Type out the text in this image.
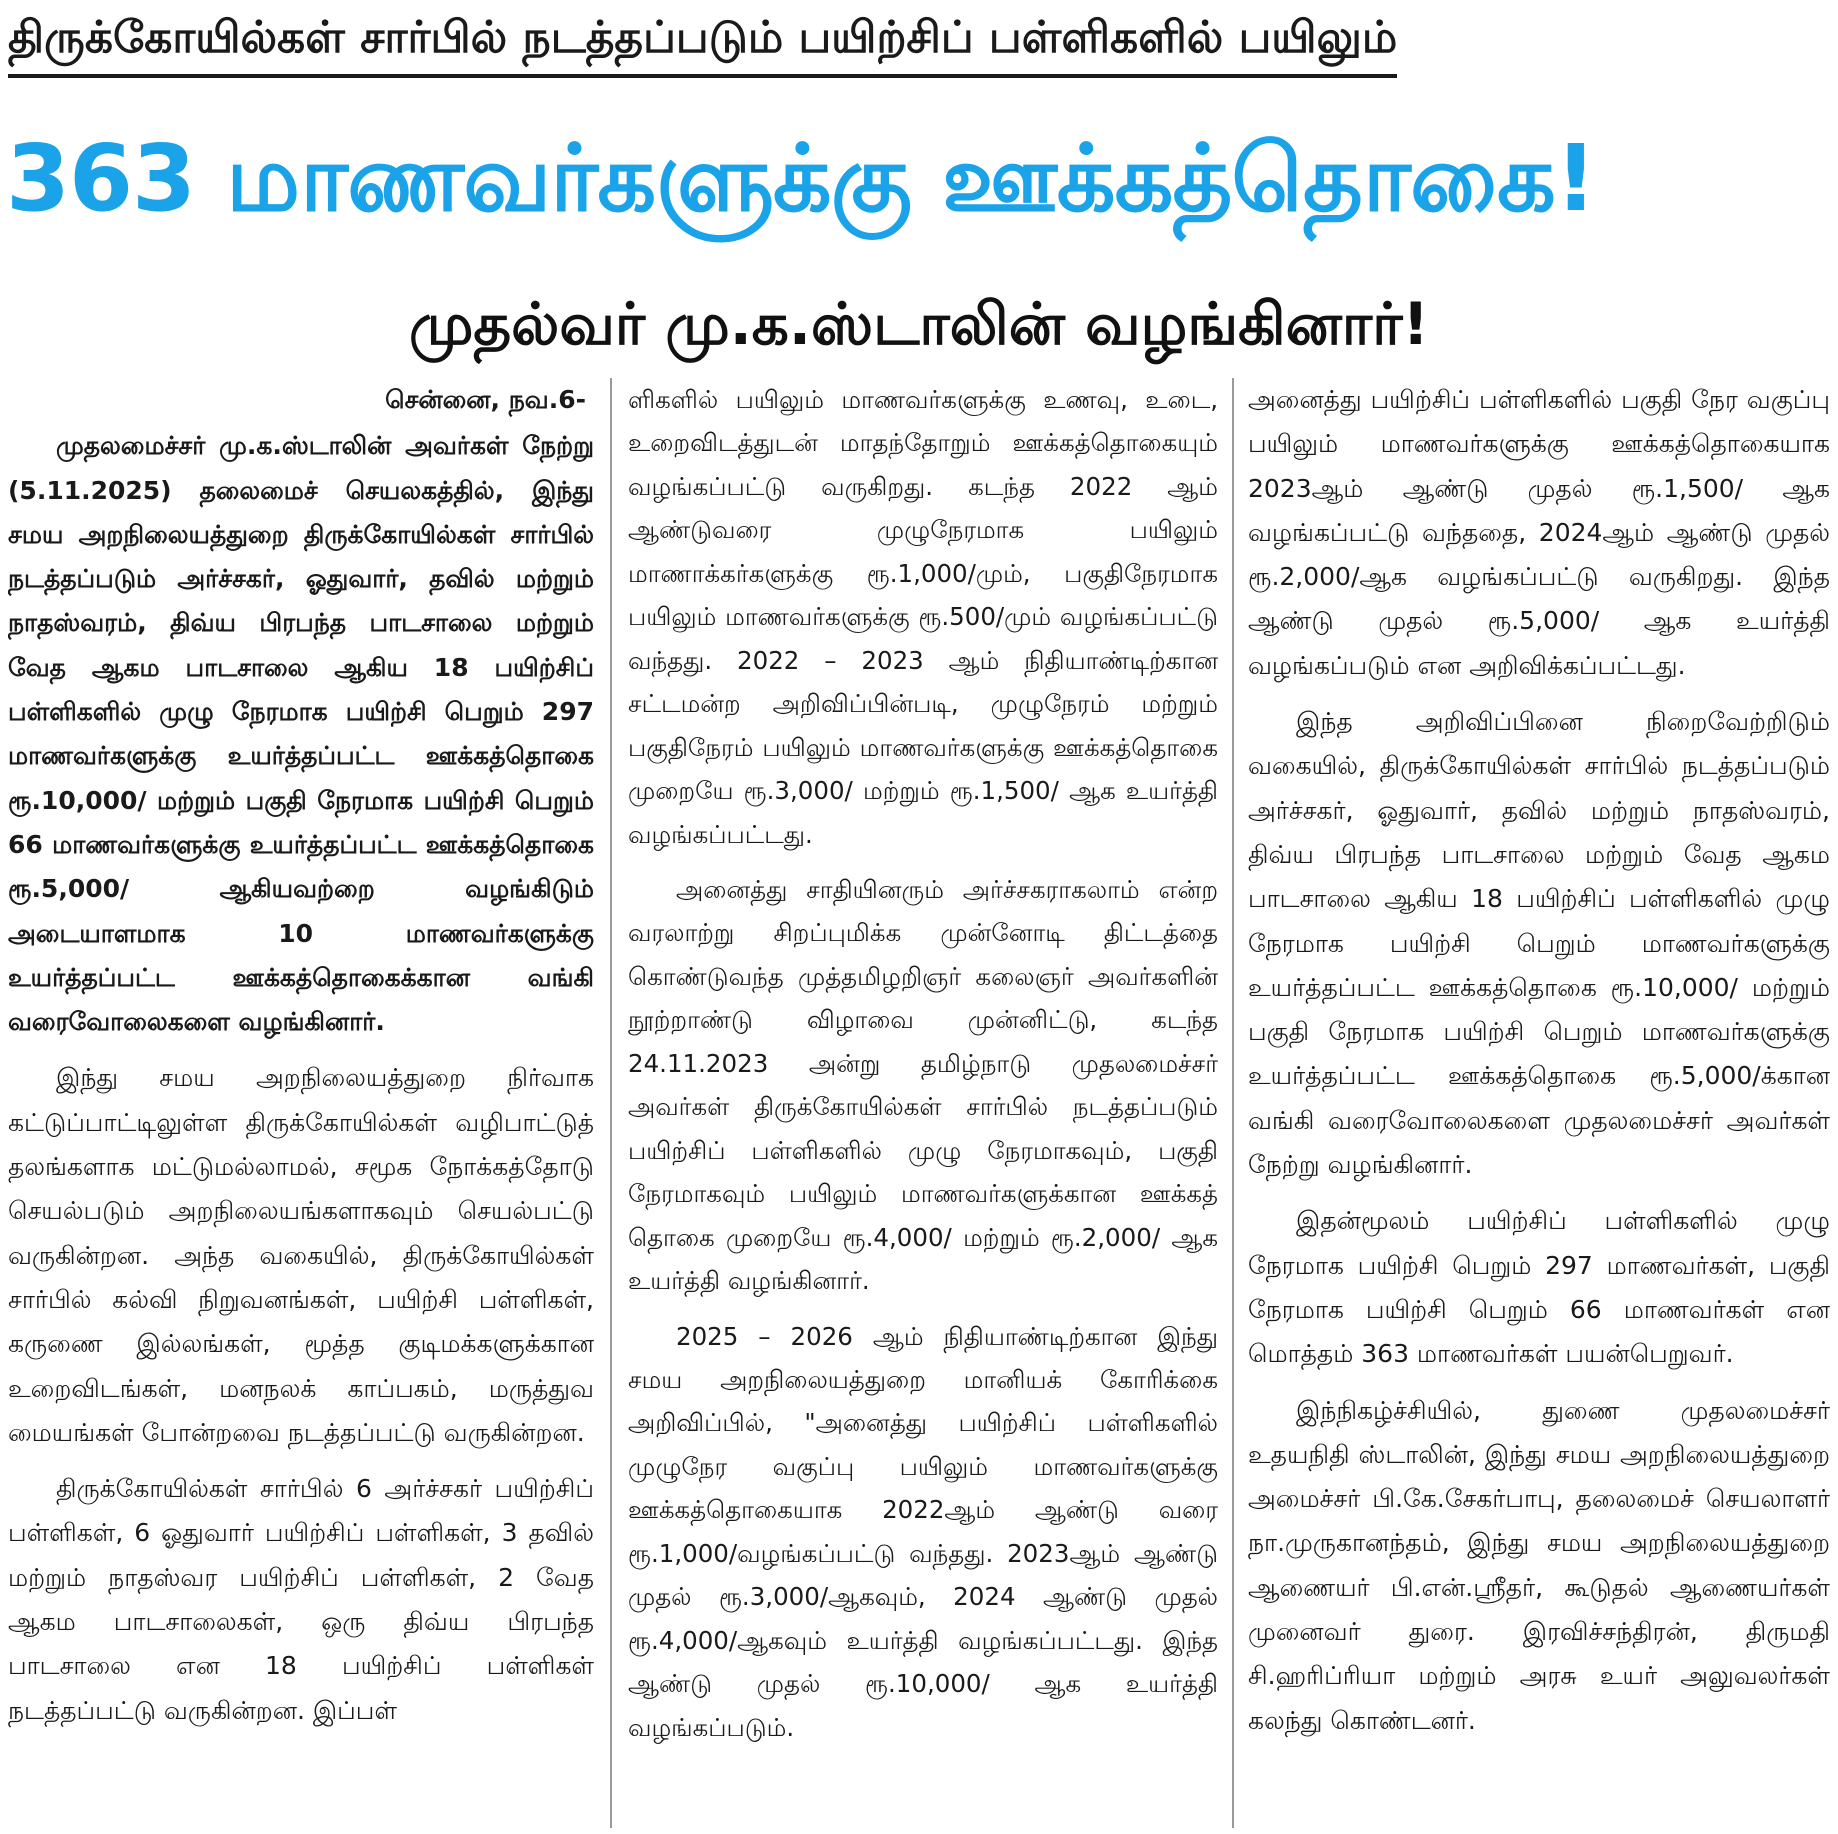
திருக்கோயில்கள் சார்பில் நடத்தப்படும் பயிற்சிப் பள்ளிகளில் பயிலும்
363 மாணவர்களுக்கு ஊக்கத்தொகை!
முதல்வர் மு.க.ஸ்டாலின் வழங்கினார்!
சென்னை, நவ.6-

முதலமைச்சர் மு.க.ஸ்டாலின் அவர்கள் நேற்று (5.11.2025) தலைமைச் செயலகத்தில், இந்து சமய அறநிலையத்துறை திருக்கோயில்கள் சார்பில் நடத்தப்படும் அர்ச்சகர், ஓதுவார், தவில் மற்றும் நாதஸ்வரம், திவ்ய பிரபந்த பாடசாலை மற்றும் வேத ஆகம பாடசாலை ஆகிய 18 பயிற்சிப் பள்ளிகளில் முழு நேரமாக பயிற்சி பெறும் 297 மாணவர்களுக்கு உயர்த்தப்பட்ட ஊக்கத்தொகை ரூ.10,000/ மற்றும் பகுதி நேரமாக பயிற்சி பெறும் 66 மாணவர்களுக்கு உயர்த்தப்பட்ட ஊக்கத்தொகை ரூ.5,000/ ஆகியவற்றை வழங்கிடும் அடையாளமாக 10 மாணவர்களுக்கு உயர்த்தப்பட்ட ஊக்கத்தொகைக்கான வங்கி வரைவோலைகளை வழங்கினார்.

இந்து சமய அறநிலையத்துறை நிர்வாக கட்டுப்பாட்டிலுள்ள திருக்கோயில்கள் வழிபாட்டுத் தலங்களாக மட்டுமல்லாமல், சமூக நோக்கத்தோடு செயல்படும் அறநிலையங்களாகவும் செயல்பட்டு வருகின்றன. அந்த வகையில், திருக்கோயில்கள் சார்பில் கல்வி நிறுவனங்கள், பயிற்சி பள்ளிகள், கருணை இல்லங்கள், மூத்த குடிமக்களுக்கான உறைவிடங்கள், மனநலக் காப்பகம், மருத்துவ மையங்கள் போன்றவை நடத்தப்பட்டு வருகின்றன.

திருக்கோயில்கள் சார்பில் 6 அர்ச்சகர் பயிற்சிப் பள்ளிகள், 6 ஓதுவார் பயிற்சிப் பள்ளிகள், 3 தவில் மற்றும் நாதஸ்வர பயிற்சிப் பள்ளிகள், 2 வேத ஆகம பாடசாலைகள், ஒரு திவ்ய பிரபந்த பாடசாலை என 18 பயிற்சிப் பள்ளிகள் நடத்தப்பட்டு வருகின்றன. இப்பள்

ளிகளில் பயிலும் மாணவர்களுக்கு உணவு, உடை, உறைவிடத்துடன் மாதந்தோறும் ஊக்கத்தொகையும் வழங்கப்பட்டு வருகிறது. கடந்த 2022 ஆம் ஆண்டுவரை முழுநேரமாக பயிலும் மாணாக்கர்களுக்கு ரூ.1,000/மும், பகுதிநேரமாக பயிலும் மாணவர்களுக்கு ரூ.500/மும் வழங்கப்பட்டு வந்தது. 2022 – 2023 ஆம் நிதியாண்டிற்கான சட்டமன்ற அறிவிப்பின்படி, முழுநேரம் மற்றும் பகுதிநேரம் பயிலும் மாணவர்களுக்கு ஊக்கத்தொகை முறையே ரூ.3,000/ மற்றும் ரூ.1,500/ ஆக உயர்த்தி வழங்கப்பட்டது.

அனைத்து சாதியினரும் அர்ச்சகராகலாம் என்ற வரலாற்று சிறப்புமிக்க முன்னோடி திட்டத்தை கொண்டுவந்த முத்தமிழறிஞர் கலைஞர் அவர்களின் நூற்றாண்டு விழாவை முன்னிட்டு, கடந்த 24.11.2023 அன்று தமிழ்நாடு முதலமைச்சர் அவர்கள் திருக்கோயில்கள் சார்பில் நடத்தப்படும் பயிற்சிப் பள்ளிகளில் முழு நேரமாகவும், பகுதி நேரமாகவும் பயிலும் மாணவர்களுக்கான ஊக்கத் தொகை முறையே ரூ.4,000/ மற்றும் ரூ.2,000/ ஆக உயர்த்தி வழங்கினார்.

2025 – 2026 ஆம் நிதியாண்டிற்கான இந்து சமய அறநிலையத்துறை மானியக் கோரிக்கை அறிவிப்பில், "அனைத்து பயிற்சிப் பள்ளிகளில் முழுநேர வகுப்பு பயிலும் மாணவர்களுக்கு ஊக்கத்தொகையாக 2022ஆம் ஆண்டு வரை ரூ.1,000/வழங்கப்பட்டு வந்தது. 2023ஆம் ஆண்டு முதல் ரூ.3,000/ஆகவும், 2024 ஆண்டு முதல் ரூ.4,000/ஆகவும் உயர்த்தி வழங்கப்பட்டது. இந்த ஆண்டு முதல் ரூ.10,000/ ஆக உயர்த்தி வழங்கப்படும்.

அனைத்து பயிற்சிப் பள்ளிகளில் பகுதி நேர வகுப்பு பயிலும் மாணவர்களுக்கு ஊக்கத்தொகையாக 2023ஆம் ஆண்டு முதல் ரூ.1,500/ ஆக வழங்கப்பட்டு வந்ததை, 2024ஆம் ஆண்டு முதல் ரூ.2,000/ஆக வழங்கப்பட்டு வருகிறது. இந்த ஆண்டு முதல் ரூ.5,000/ ஆக உயர்த்தி வழங்கப்படும் என அறிவிக்கப்பட்டது.

இந்த அறிவிப்பினை நிறைவேற்றிடும் வகையில், திருக்கோயில்கள் சார்பில் நடத்தப்படும் அர்ச்சகர், ஓதுவார், தவில் மற்றும் நாதஸ்வரம், திவ்ய பிரபந்த பாடசாலை மற்றும் வேத ஆகம பாடசாலை ஆகிய 18 பயிற்சிப் பள்ளிகளில் முழு நேரமாக பயிற்சி பெறும் மாணவர்களுக்கு உயர்த்தப்பட்ட ஊக்கத்தொகை ரூ.10,000/ மற்றும் பகுதி நேரமாக பயிற்சி பெறும் மாணவர்களுக்கு உயர்த்தப்பட்ட ஊக்கத்தொகை ரூ.5,000/க்கான வங்கி வரைவோலைகளை முதலமைச்சர் அவர்கள் நேற்று வழங்கினார்.

இதன்மூலம் பயிற்சிப் பள்ளிகளில் முழு நேரமாக பயிற்சி பெறும் 297 மாணவர்கள், பகுதி நேரமாக பயிற்சி பெறும் 66 மாணவர்கள் என மொத்தம் 363 மாணவர்கள் பயன்பெறுவர்.

இந்நிகழ்ச்சியில், துணை முதலமைச்சர் உதயநிதி ஸ்டாலின், இந்து சமய அறநிலையத்துறை அமைச்சர் பி.கே.சேகர்பாபு, தலைமைச் செயலாளர் நா.முருகானந்தம், இந்து சமய அறநிலையத்துறை ஆணையர் பி.என்.ஸ்ரீதர், கூடுதல் ஆணையர்கள் முனைவர் துரை. இரவிச்சந்திரன், திருமதி சி.ஹரிப்ரியா மற்றும் அரசு உயர் அலுவலர்கள் கலந்து கொண்டனர்.
